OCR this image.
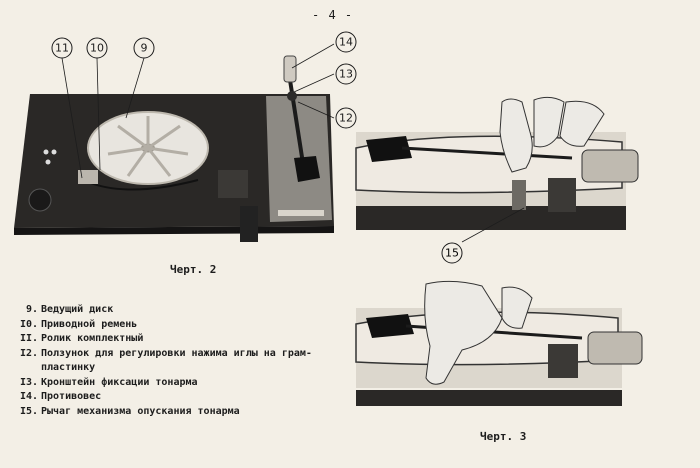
- 4 -
11 10	9	14
13
12
Черт. 2
15
Черт. 3
9. Ведущий диск
I0. Приводной ремень
II. Ролик комплектный
I2. Ползунок для регулировки нажима иглы на грам-
пластинку
I3. Кронштейн фиксации тонарма
I4. Противовес
I5. Рычаг механизма опускания тонарма
